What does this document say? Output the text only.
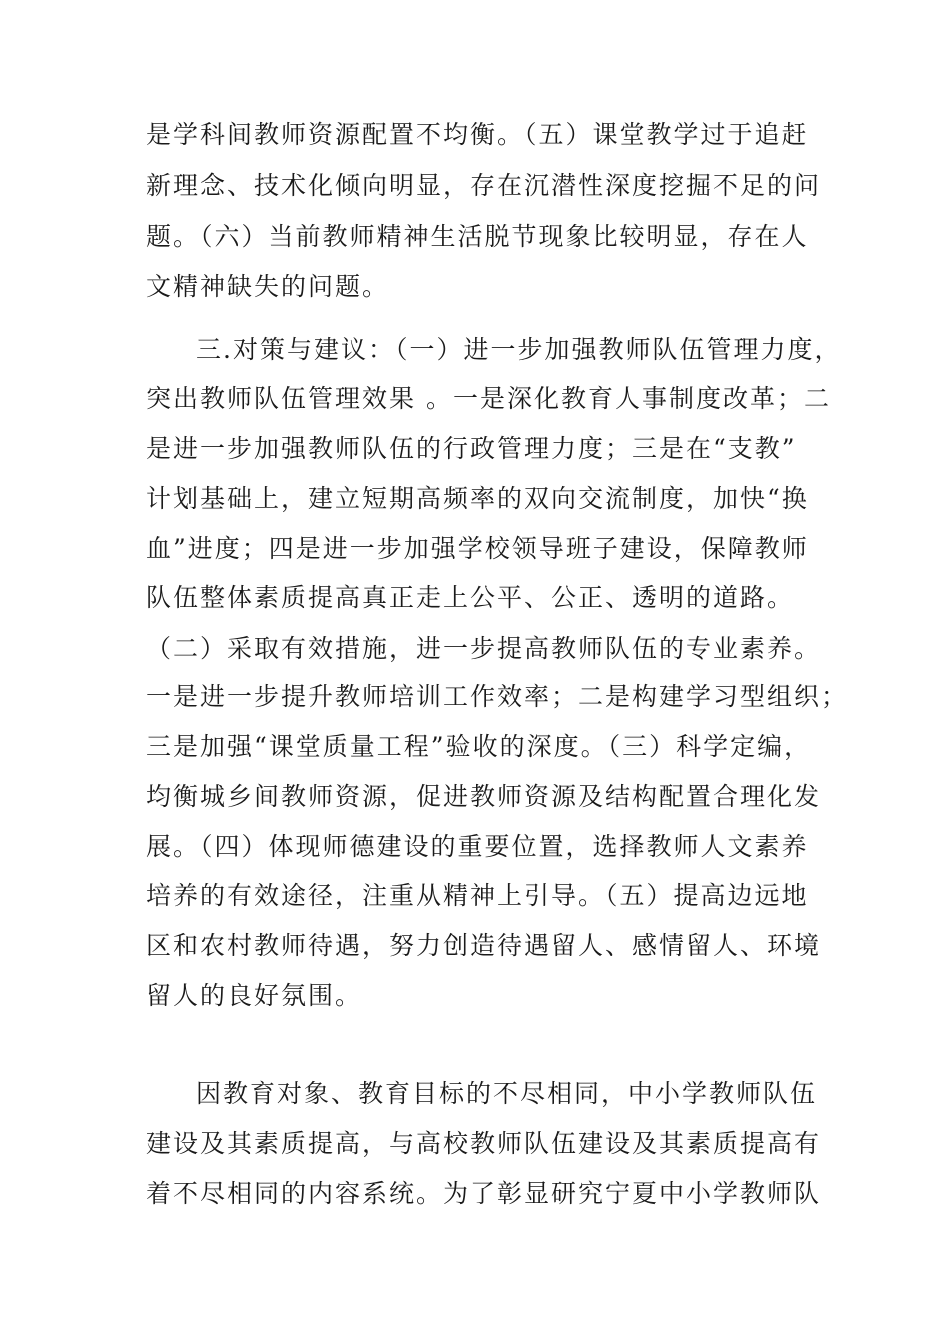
是学科间教师资源配置不均衡。（五）课堂教学过于追赶
新理念、技术化倾向明显，存在沉潜性深度挖掘不足的问
题。（六）当前教师精神生活脱节现象比较明显，存在人
文精神缺失的问题。
三.对策与建议：（一）进一步加强教师队伍管理力度，
突出教师队伍管理效果 。一是深化教育人事制度改革；二
是进一步加强教师队伍的行政管理力度；三是在“支教”
计划基础上，建立短期高频率的双向交流制度，加快“换
血”进度；四是进一步加强学校领导班子建设，保障教师
队伍整体素质提高真正走上公平、公正、透明的道路。
（二）采取有效措施，进一步提高教师队伍的专业素养。
一是进一步提升教师培训工作效率；二是构建学习型组织；
三是加强“课堂质量工程”验收的深度。（三）科学定编，
均衡城乡间教师资源，促进教师资源及结构配置合理化发
展。（四）体现师德建设的重要位置，选择教师人文素养
培养的有效途径，注重从精神上引导。（五）提高边远地
区和农村教师待遇，努力创造待遇留人、感情留人、环境
留人的良好氛围。
因教育对象、教育目标的不尽相同，中小学教师队伍
建设及其素质提高，与高校教师队伍建设及其素质提高有
着不尽相同的内容系统。为了彰显研究宁夏中小学教师队
